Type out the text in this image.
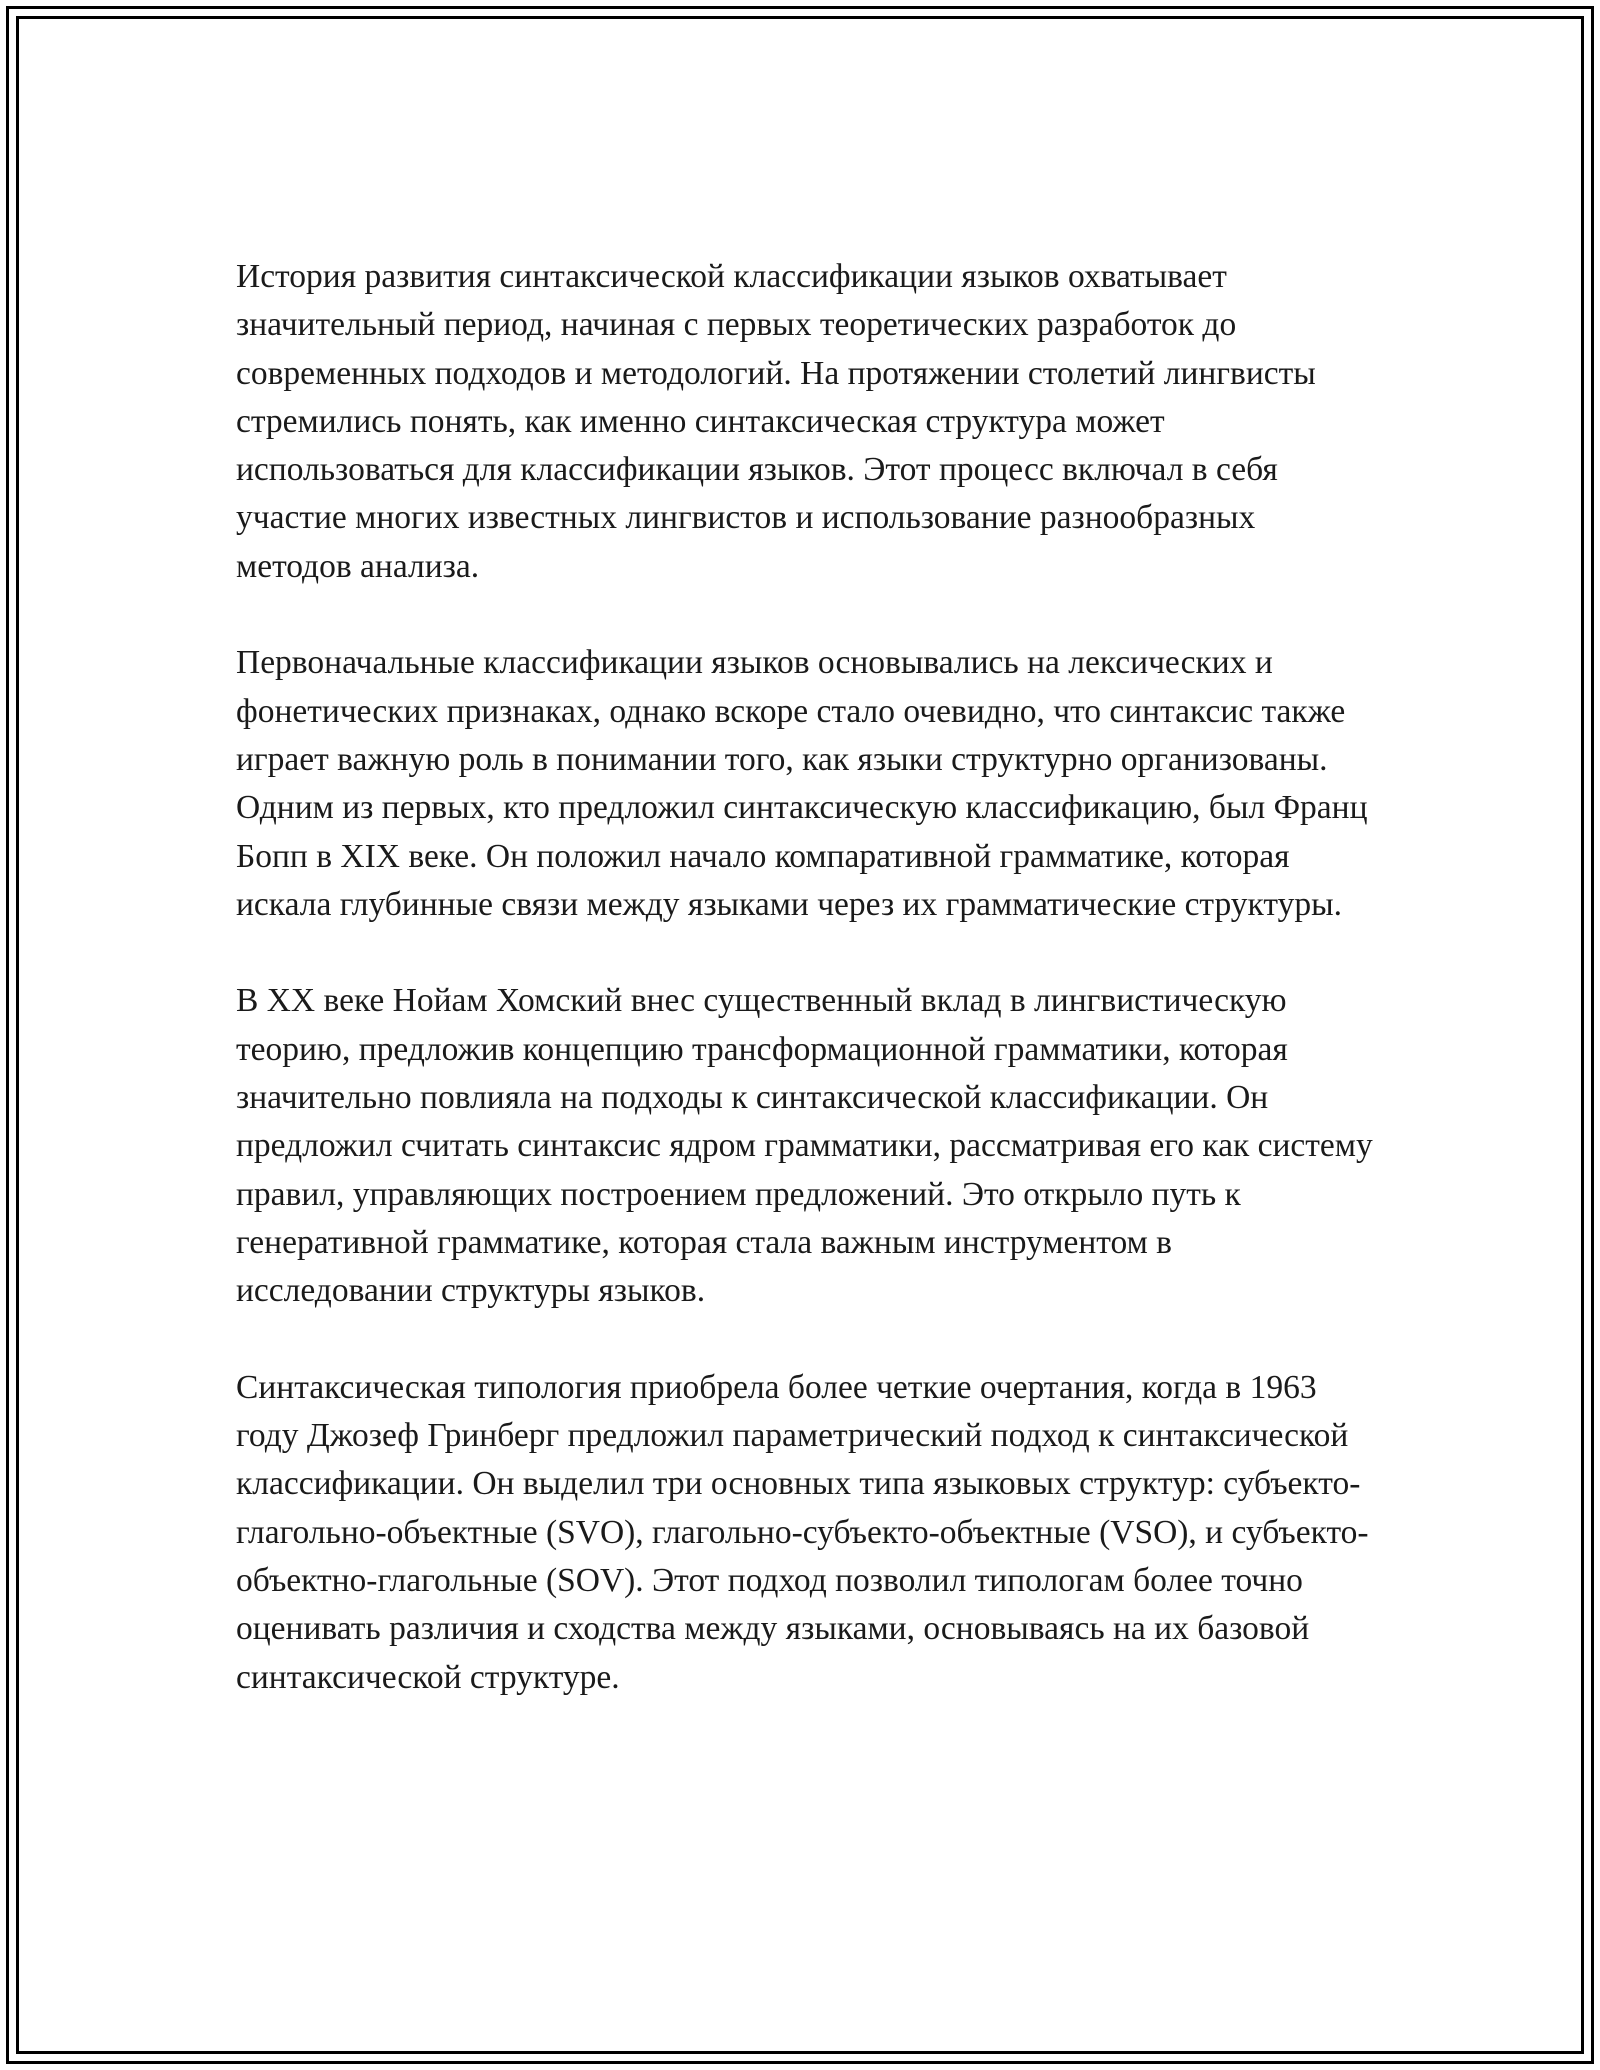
История развития синтаксической классификации языков охватывает значительный период, начиная с первых теоретических разработок до современных подходов и методологий. На протяжении столетий лингвисты стремились понять, как именно синтаксическая структура может использоваться для классификации языков. Этот процесс включал в себя участие многих известных лингвистов и использование разнообразных методов анализа.

Первоначальные классификации языков основывались на лексических и фонетических признаках, однако вскоре стало очевидно, что синтаксис также играет важную роль в понимании того, как языки структурно организованы. Одним из первых, кто предложил синтаксическую классификацию, был Франц Бопп в XIX веке. Он положил начало компаративной грамматике, которая искала глубинные связи между языками через их грамматические структуры.

В XX веке Нойам Хомский внес существенный вклад в лингвистическую теорию, предложив концепцию трансформационной грамматики, которая значительно повлияла на подходы к синтаксической классификации. Он предложил считать синтаксис ядром грамматики, рассматривая его как систему правил, управляющих построением предложений. Это открыло путь к генеративной грамматике, которая стала важным инструментом в исследовании структуры языков.

Синтаксическая типология приобрела более четкие очертания, когда в 1963 году Джозеф Гринберг предложил параметрический подход к синтаксической классификации. Он выделил три основных типа языковых структур: субъекто-глагольно-объектные (SVO), глагольно-субъекто-объектные (VSO), и субъекто-объектно-глагольные (SOV). Этот подход позволил типологам более точно оценивать различия и сходства между языками, основываясь на их базовой синтаксической структуре.
